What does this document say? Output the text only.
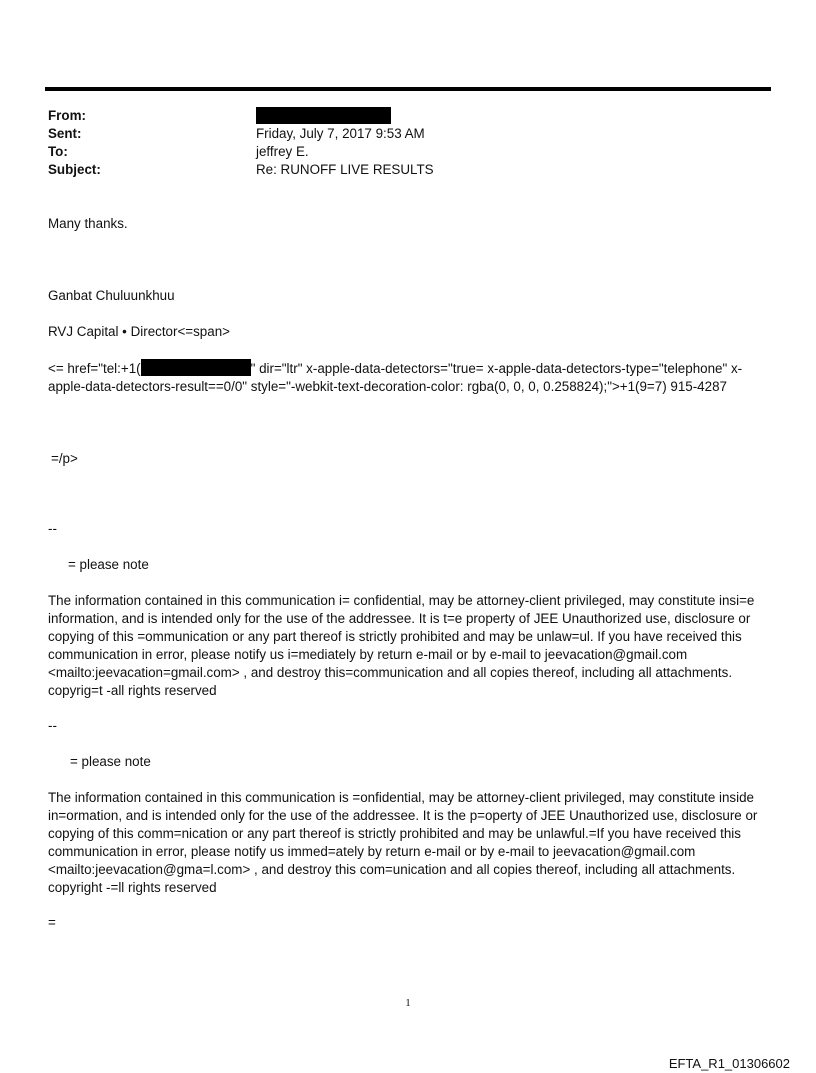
From:
Sent:	Friday, July 7, 2017 9:53 AM
To:	jeffrey E.
Subject:	Re: RUNOFF LIVE RESULTS
Many thanks.
Ganbat Chuluunkhuu
RVJ Capital • Director<=span>
<= href="tel:+1(	" dir="ltr" x-apple-data-detectors="true= x-apple-data-detectors-type="telephone" x-
apple-data-detectors-result==0/0" style="-webkit-text-decoration-color: rgba(0, 0, 0, 0.258824);">+1(9=7) 915-4287
=/p>
--
= please note
The information contained in this communication i= confidential, may be attorney-client privileged, may constitute insi=e information, and is intended only for the use of the addressee. It is t=e property of JEE Unauthorized use, disclosure or copying of this =ommunication or any part thereof is strictly prohibited and may be unlaw=ul. If you have received this communication in error, please notify us i=mediately by return e-mail or by e-mail to jeevacation@gmail.com <mailto:jeevacation=gmail.com> , and destroy this=communication and all copies thereof, including all attachments. copyrig=t -all rights reserved
--
= please note
The information contained in this communication is =onfidential, may be attorney-client privileged, may constitute inside in=ormation, and is intended only for the use of the addressee. It is the p=operty of JEE Unauthorized use, disclosure or copying of this comm=nication or any part thereof is strictly prohibited and may be unlawful.=If you have received this communication in error, please notify us immed=ately by return e-mail or by e-mail to jeevacation@gmail.com <mailto:jeevacation@gma=l.com> , and destroy this com=unication and all copies thereof, including all attachments. copyright -=ll rights reserved
=
1
EFTA_R1_01306602
